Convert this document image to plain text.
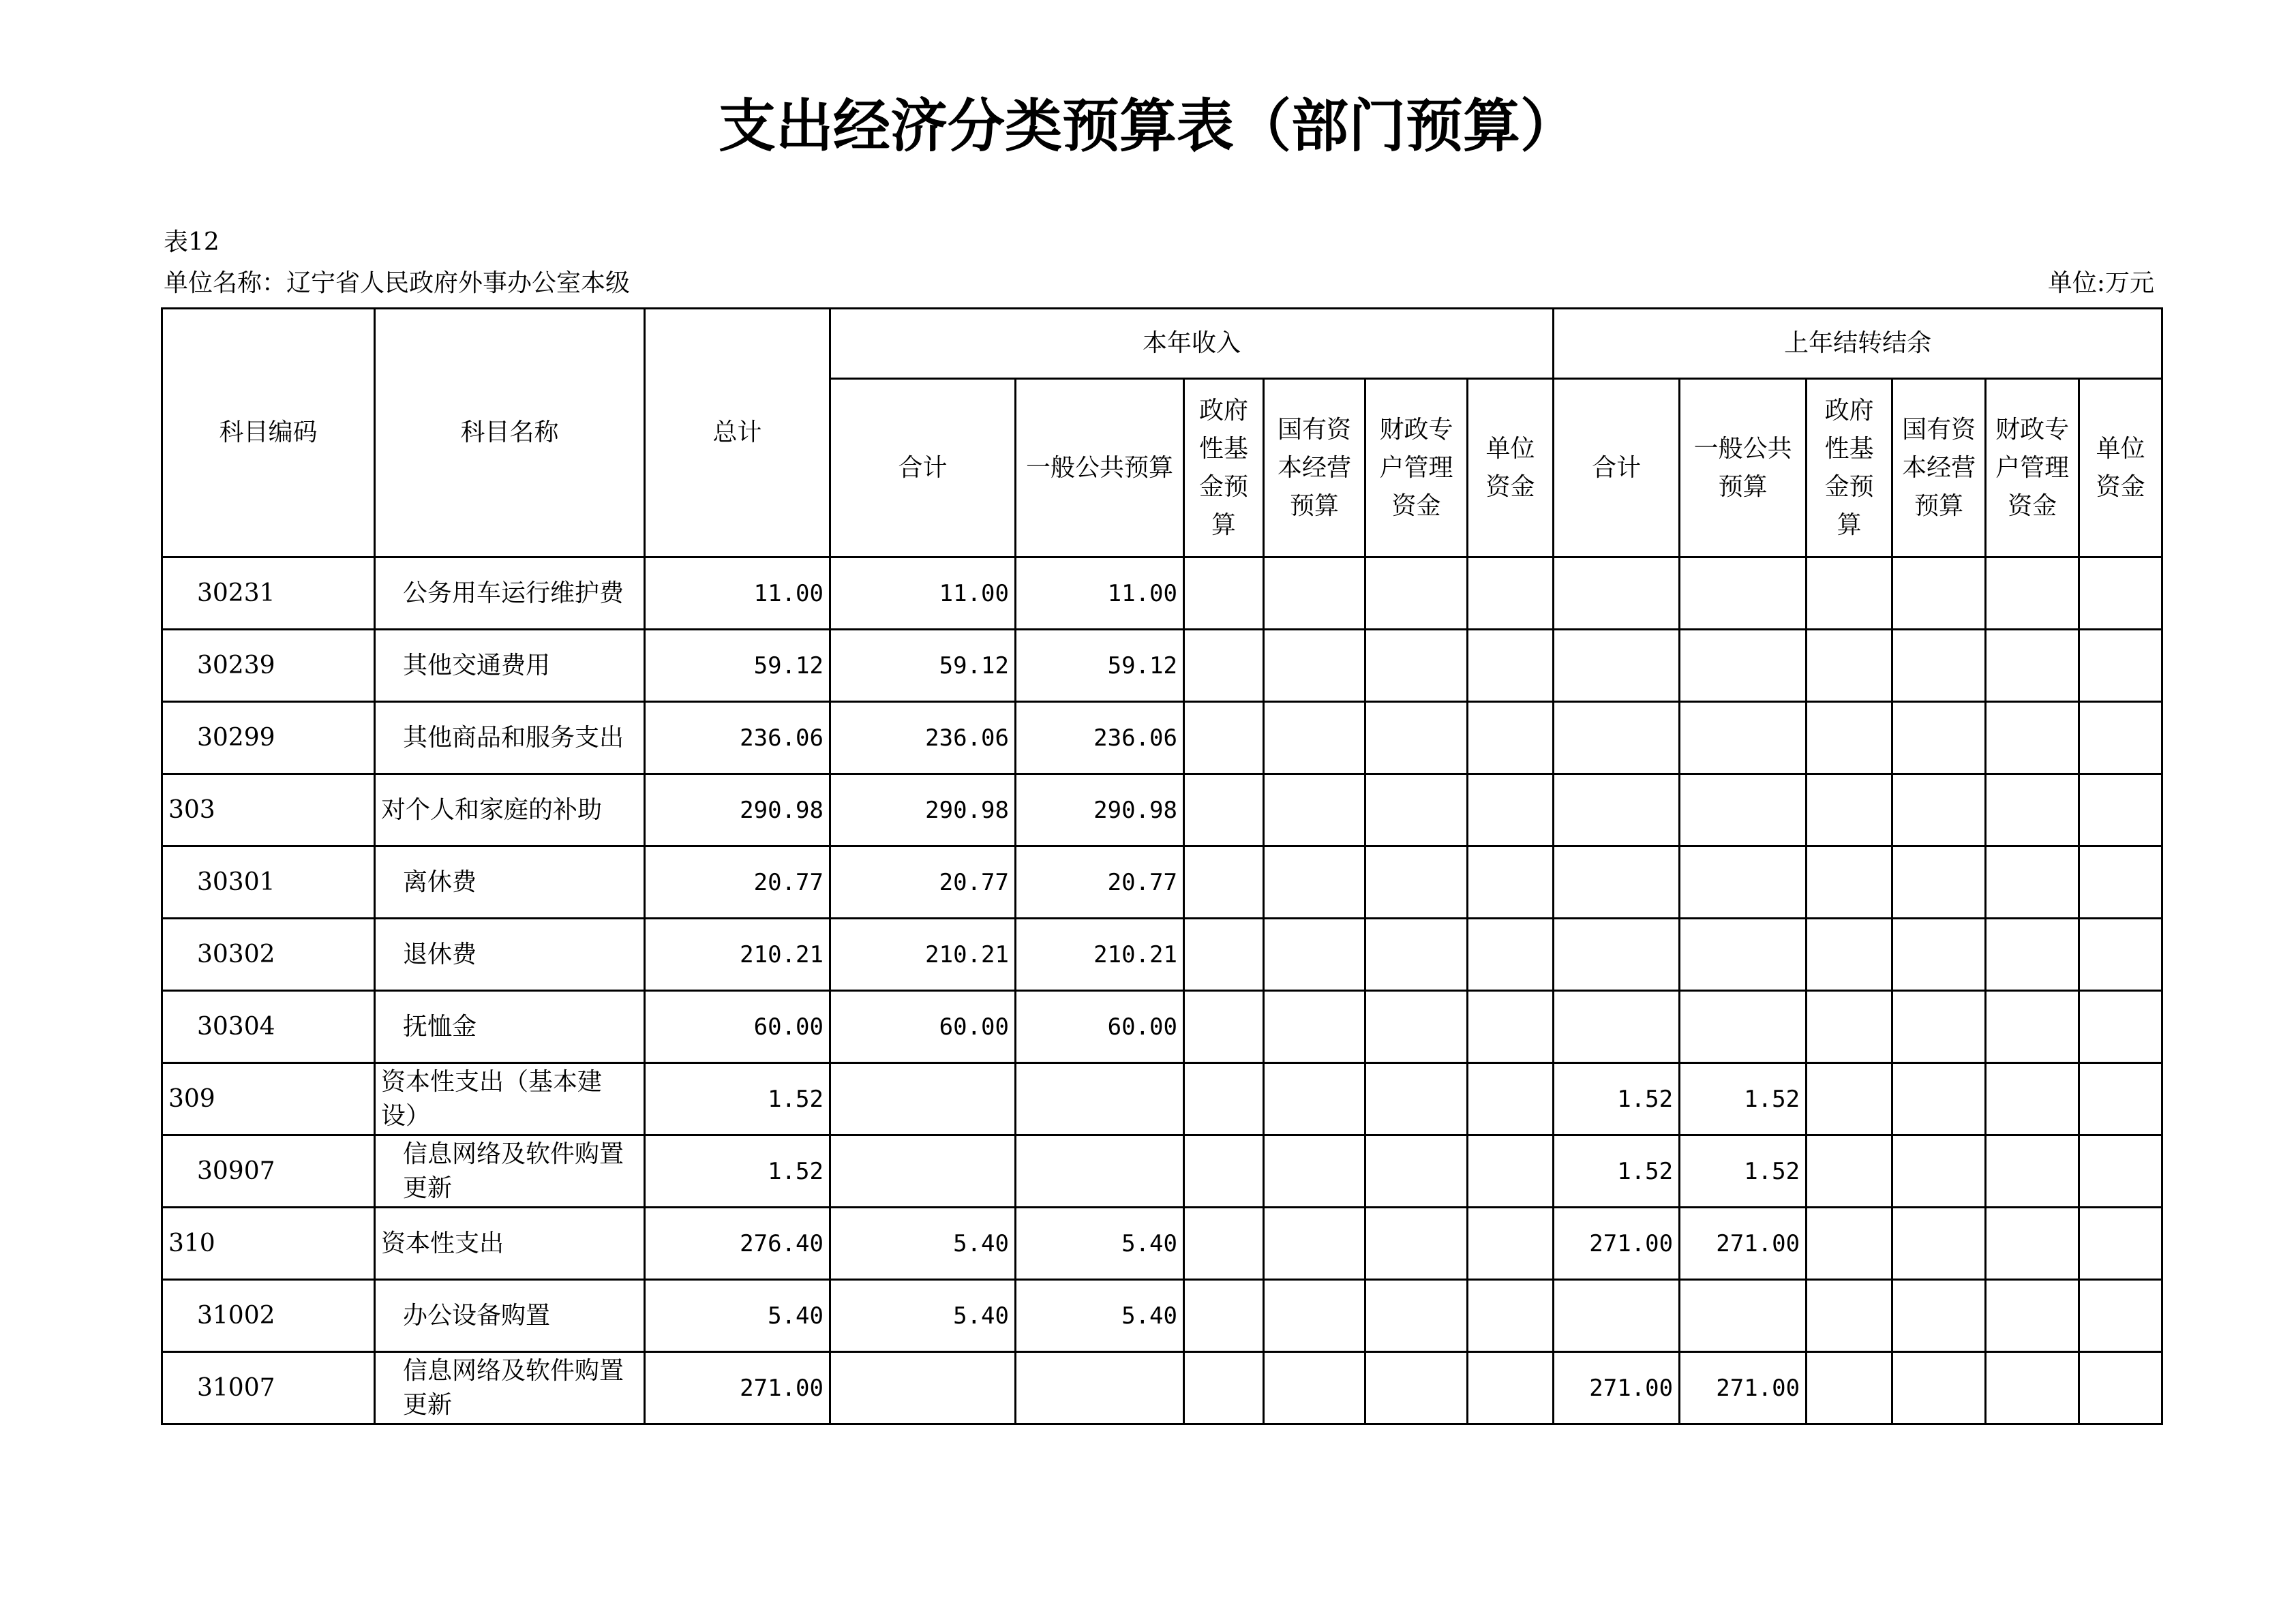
支出经济分类预算表（部门预算）
表12
单位名称：辽宁省人民政府外事办公室本级	单位:万元
科目编码	科目名称	总计	本年收入						上年结转结余					
			合计	一般公共预算	政府性基金预算	国有资本经营预算	财政专户管理资金	单位资金	合计	一般公共预算	政府性基金预算	国有资本经营预算	财政专户管理资金	单位资金
30231	公务用车运行维护费	11.00	11.00	11.00										
30239	其他交通费用	59.12	59.12	59.12										
30299	其他商品和服务支出	236.06	236.06	236.06										
303	对个人和家庭的补助	290.98	290.98	290.98										
30301	离休费	20.77	20.77	20.77										
30302	退休费	210.21	210.21	210.21										
30304	抚恤金	60.00	60.00	60.00										
309	资本性支出（基本建设）	1.52							1.52	1.52				
30907	信息网络及软件购置更新	1.52							1.52	1.52				
310	资本性支出	276.40	5.40	5.40					271.00	271.00				
31002	办公设备购置	5.40	5.40	5.40										
31007	信息网络及软件购置更新	271.00							271.00	271.00				
